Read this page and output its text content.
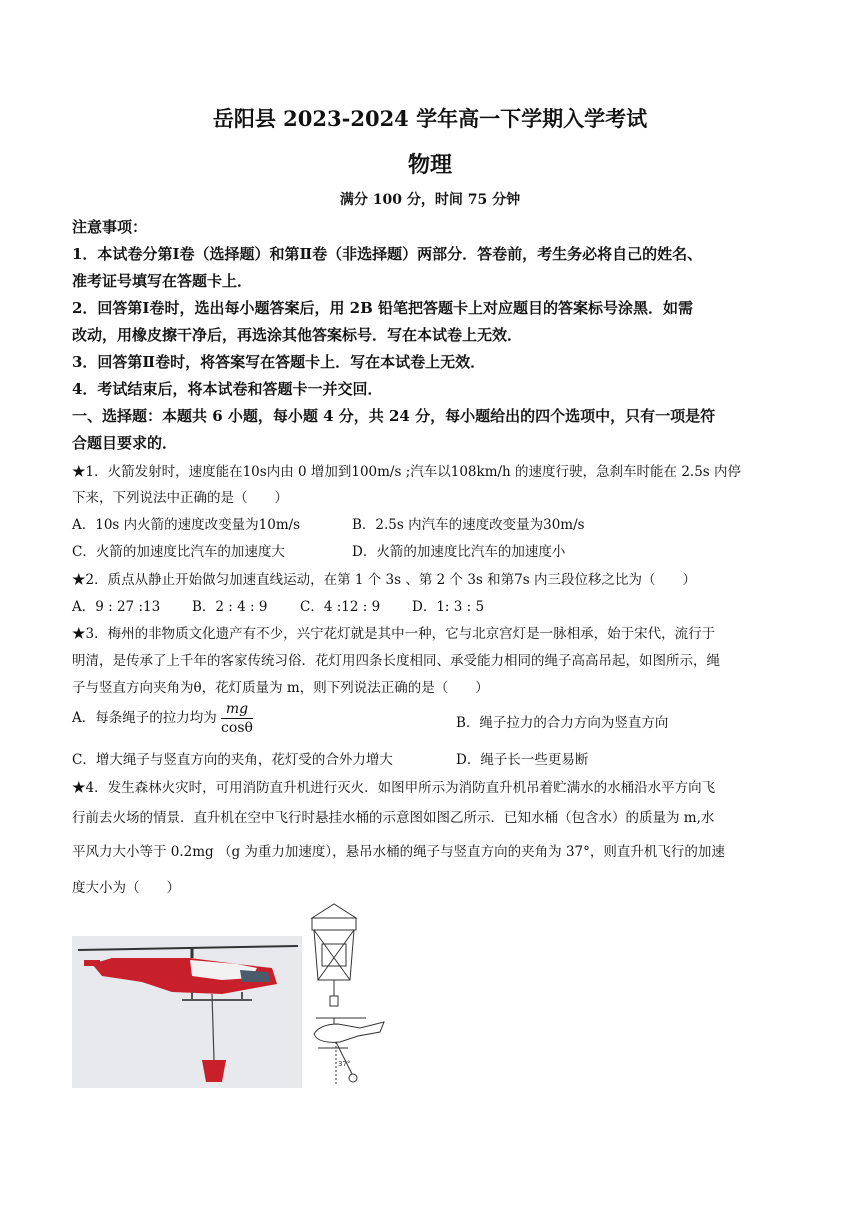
岳阳县 2023-2024 学年高一下学期入学考试
物理
满分 100 分，时间 75 分钟
注意事项：
1．本试卷分第Ⅰ卷（选择题）和第Ⅱ卷（非选择题）两部分．答卷前，考生务必将自己的姓名、
准考证号填写在答题卡上．
2．回答第Ⅰ卷时，选出每小题答案后，用 2B 铅笔把答题卡上对应题目的答案标号涂黑．如需
改动，用橡皮擦干净后，再选涂其他答案标号．写在本试卷上无效．
3．回答第Ⅱ卷时，将答案写在答题卡上．写在本试卷上无效．
4．考试结束后，将本试卷和答题卡一并交回．
一、选择题：本题共 6 小题，每小题 4 分，共 24 分，每小题给出的四个选项中，只有一项是符
合题目要求的．
★1．火箭发射时，速度能在10s内由 0 增加到100m/s ;汽车以108km/h 的速度行驶，急刹车时能在 2.5s 内停
下来，下列说法中正确的是（　　）
A．10s 内火箭的速度改变量为10m/s	B．2.5s 内汽车的速度改变量为30m/s
C．火箭的加速度比汽车的加速度大	D．火箭的加速度比汽车的加速度小
★2．质点从静止开始做匀加速直线运动，在第 1 个 3s 、第 2 个 3s 和第7s 内三段位移之比为（　　）
A．9 : 27 :13 B．2 : 4 : 9 C．4 :12 : 9 D．1: 3 : 5
★3．梅州的非物质文化遗产有不少，兴宁花灯就是其中一种，它与北京宫灯是一脉相承，始于宋代，流行于
明清，是传承了上千年的客家传统习俗．花灯用四条长度相同、承受能力相同的绳子高高吊起，如图所示，绳
子与竖直方向夹角为θ，花灯质量为 m，则下列说法正确的是（　　）
A．每条绳子的拉力均为 $\frac{mg}{\cos\theta}$	B．绳子拉力的合力方向为竖直方向
C．增大绳子与竖直方向的夹角，花灯受的合外力增大	D．绳子长一些更易断
★4．发生森林火灾时，可用消防直升机进行灭火．如图甲所示为消防直升机吊着贮满水的水桶沿水平方向飞
行前去火场的情景．直升机在空中飞行时悬挂水桶的示意图如图乙所示．已知水桶（包含水）的质量为 m,水
平风力大小等于 0.2mg （g 为重力加速度），悬吊水桶的绳子与竖直方向的夹角为 37°，则直升机飞行的加速
度大小为（　　）
37°
